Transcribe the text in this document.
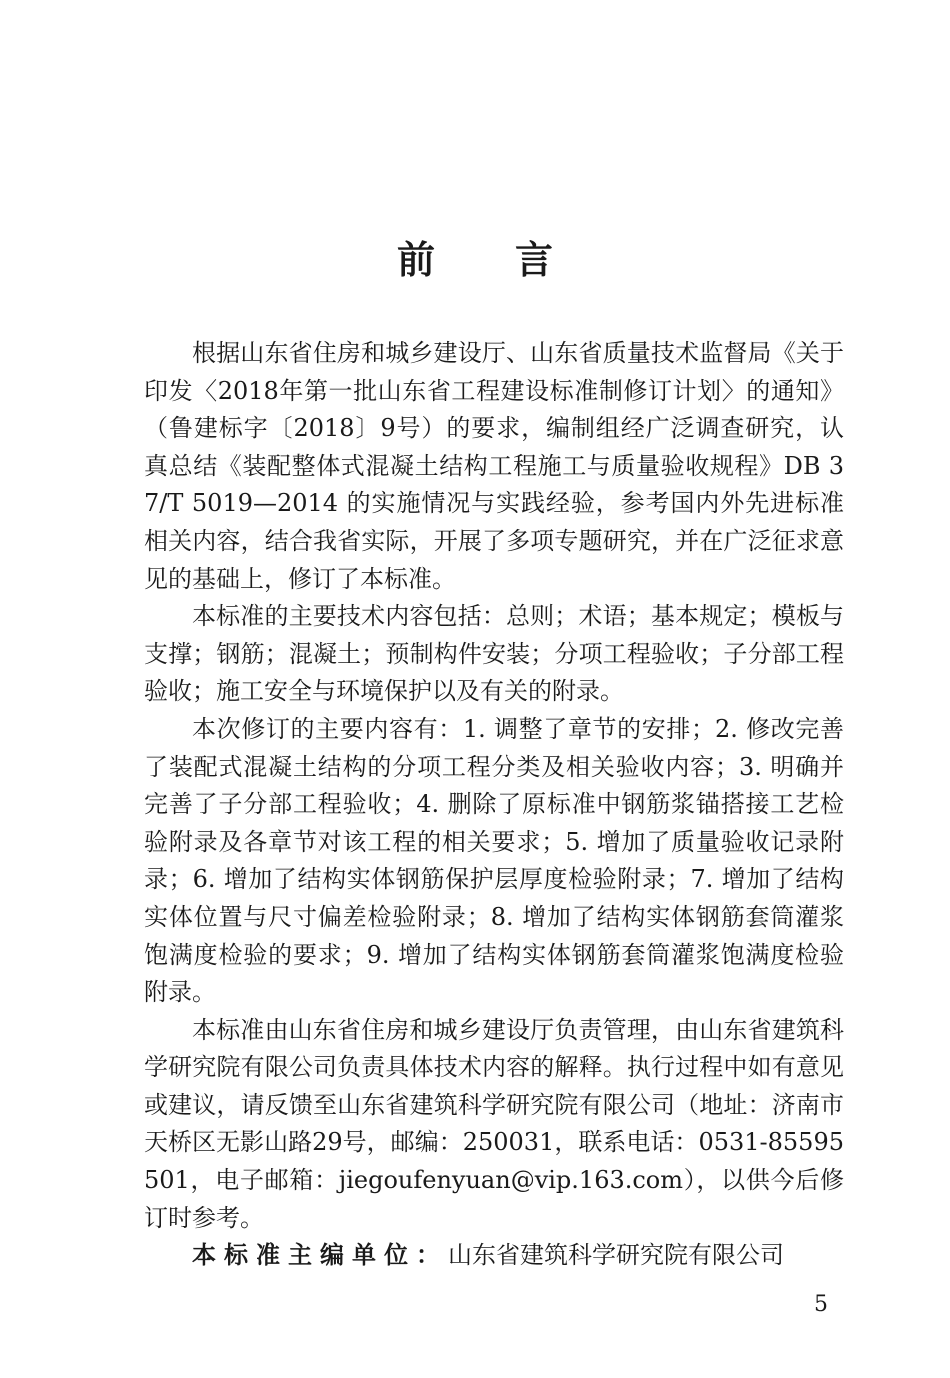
前 言

根据山东省住房和城乡建设厅、山东省质量技术监督局《关于印发〈2018年第一批山东省工程建设标准制修订计划〉的通知》（鲁建标字〔2018〕9号）的要求，编制组经广泛调查研究，认真总结《装配整体式混凝土结构工程施工与质量验收规程》DB 37/T 5019—2014 的实施情况与实践经验，参考国内外先进标准相关内容，结合我省实际，开展了多项专题研究，并在广泛征求意见的基础上，修订了本标准。

本标准的主要技术内容包括：总则；术语；基本规定；模板与支撑；钢筋；混凝土；预制构件安装；分项工程验收；子分部工程验收；施工安全与环境保护以及有关的附录。

本次修订的主要内容有：1. 调整了章节的安排；2. 修改完善了装配式混凝土结构的分项工程分类及相关验收内容；3. 明确并完善了子分部工程验收；4. 删除了原标准中钢筋浆锚搭接工艺检验附录及各章节对该工程的相关要求；5. 增加了质量验收记录附录；6. 增加了结构实体钢筋保护层厚度检验附录；7. 增加了结构实体位置与尺寸偏差检验附录；8. 增加了结构实体钢筋套筒灌浆饱满度检验的要求；9. 增加了结构实体钢筋套筒灌浆饱满度检验附录。

本标准由山东省住房和城乡建设厅负责管理，由山东省建筑科学研究院有限公司负责具体技术内容的解释。执行过程中如有意见或建议，请反馈至山东省建筑科学研究院有限公司（地址：济南市天桥区无影山路29号，邮编：250031，联系电话：0531-85595501，电子邮箱：jiegoufenyuan@vip.163.com），以供今后修订时参考。

本标准主编单位：山东省建筑科学研究院有限公司

5
